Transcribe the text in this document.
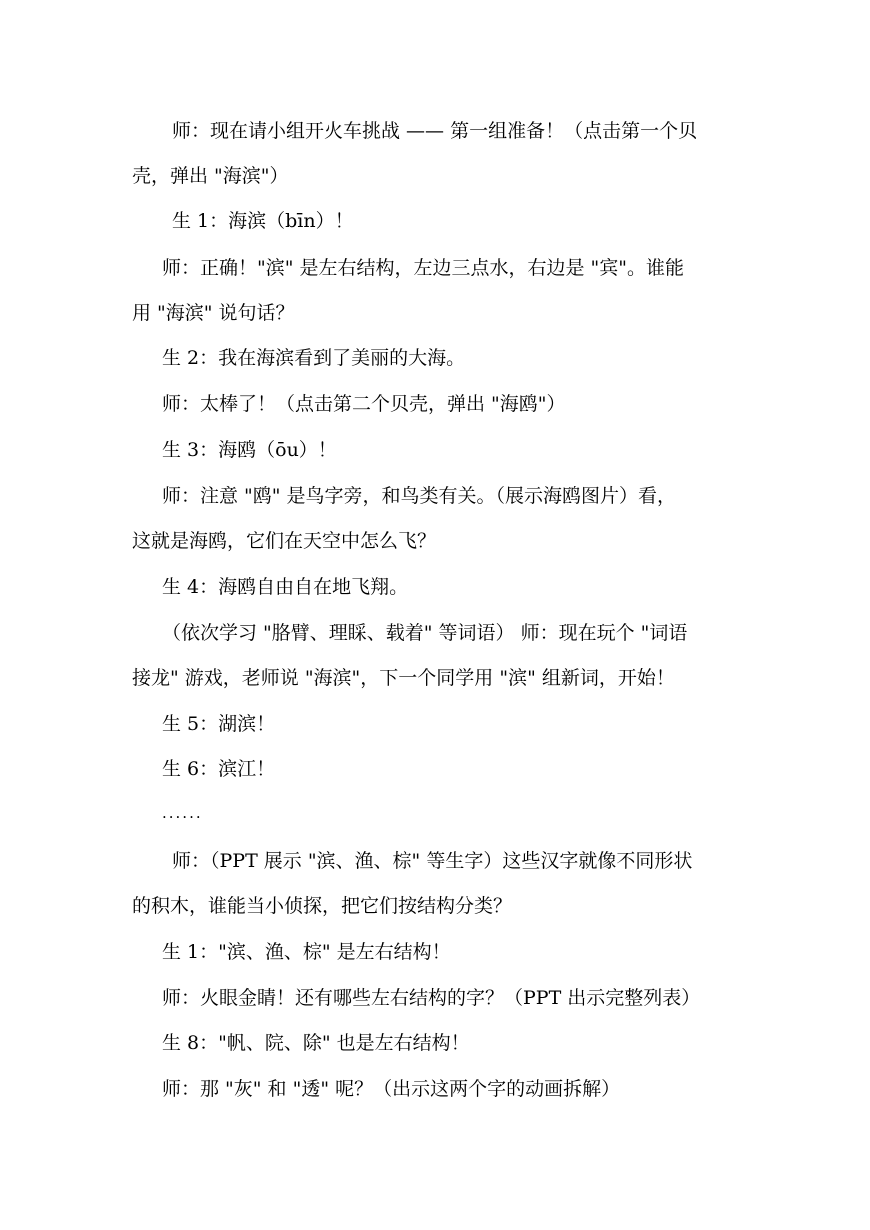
师：现在请小组开火车挑战 —— 第一组准备！（点击第一个贝
壳，弹出 "海滨"）
生 1：海滨（bīn）！
师：正确！"滨" 是左右结构，左边三点水，右边是 "宾"。谁能
用 "海滨" 说句话？
生 2：我在海滨看到了美丽的大海。
师：太棒了！（点击第二个贝壳，弹出 "海鸥"）
生 3：海鸥（ōu）！
师：注意 "鸥" 是鸟字旁，和鸟类有关。（展示海鸥图片）看，
这就是海鸥，它们在天空中怎么飞？
生 4：海鸥自由自在地飞翔。
（依次学习 "胳臂、理睬、载着" 等词语） 师：现在玩个 "词语
接龙" 游戏，老师说 "海滨"，下一个同学用 "滨" 组新词，开始！
生 5：湖滨！
生 6：滨江！
......
师：（PPT 展示 "滨、渔、棕" 等生字）这些汉字就像不同形状
的积木，谁能当小侦探，把它们按结构分类？
生 1："滨、渔、棕" 是左右结构！
师：火眼金睛！还有哪些左右结构的字？（PPT 出示完整列表）
生 8："帆、院、除" 也是左右结构！
师：那 "灰" 和 "透" 呢？（出示这两个字的动画拆解）
